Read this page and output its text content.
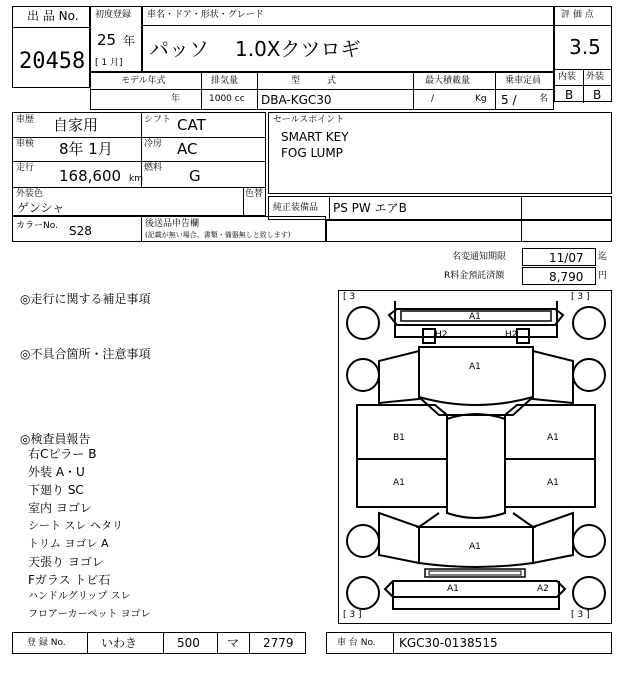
出 品 No.
20458
初度登録
25 年
[ 1 月]
車名・ドア・形状・グレード
パッソ 1.0Xクツロギ
評 価 点
3.5
内装 外装
B B
モデル年式
年
排気量
1000 cc
型　　　式
DBA-KGC30
最大積載量
/	Kg
乗車定員
5 /	名
車歴 自家用	シフト CAT
車検 8年 1月	冷房 AC
走行 168,600 km
燃料 G
外装色
ゲンシャ
色替
カラーNo. S28	後送品申告欄
(記載が無い場合、書類・備器無しと致します)
セールスポイント
SMART KEY
FOG LUMP
純正装備品 PS PW エアB
名変通知期限	11/07 迄
R料金預託済額	8,790 円
◎走行に関する補足事項
◎不具合箇所・注意事項
◎検査員報告
右Cピラー B
外装 A・U
下廻り SC
室内 ヨゴレ
シート スレ ヘタリ
トリム ヨゴレ A
天張り ヨゴレ
Fガラス トビ石
ハンドルグリップ スレ
フロアーカーペット ヨゴレ
[ 3	[ 3 ]
[ 3 ]	[ 3 ]
A1
H2	H2
A1
B1	A1
A1	A1
A1
A1	A2
登 録 No.	いわき	500 マ 2779	車 台 No. KGC30-0138515
